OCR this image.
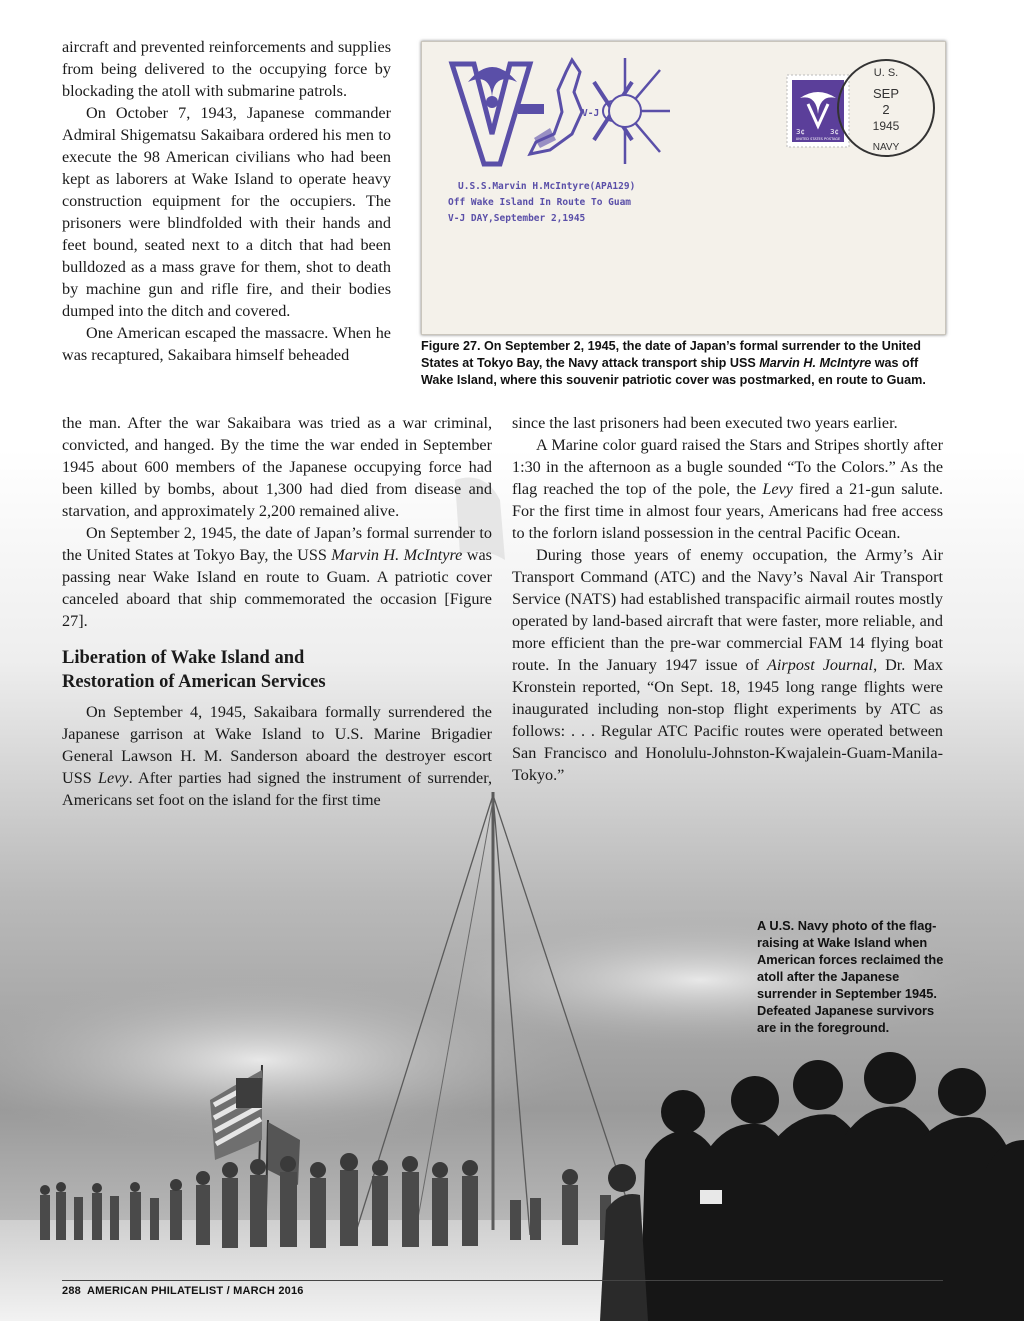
aircraft and prevented reinforcements and supplies from being delivered to the occupying force by blockading the atoll with submarine patrols.

On October 7, 1943, Japanese commander Admiral Shigematsu Sakaibara ordered his men to execute the 98 American civilians who had been kept as laborers at Wake Island to operate heavy construction equipment for the occupiers. The prisoners were blindfolded with their hands and feet bound, seated next to a ditch that had been bulldozed as a mass grave for them, shot to death by machine gun and rifle fire, and their bodies dumped into the ditch and covered.

One American escaped the massacre. When he was recaptured, Sakaibara himself beheaded

V-J
U.S.S.Marvin H.McIntyre(APA129)
Off Wake Island In Route To Guam
V-J DAY,September 2,1945
3¢	3¢
UNITED STATES POSTAGE
U. S.
SEP
2
1945
NAVY
Figure 27. On September 2, 1945, the date of Japan’s formal surrender to the United States at Tokyo Bay, the Navy attack transport ship USS Marvin H. McIntyre was off Wake Island, where this souvenir patriotic cover was postmarked, en route to Guam.

the man. After the war Sakaibara was tried as a war criminal, convicted, and hanged. By the time the war ended in September 1945 about 600 members of the Japanese occupying force had been killed by bombs, about 1,300 had died from disease and starvation, and approximately 2,200 remained alive.

On September 2, 1945, the date of Japan’s formal surrender to the United States at Tokyo Bay, the USS Marvin H. McIntyre was passing near Wake Island en route to Guam. A patriotic cover canceled aboard that ship commemorated the occasion [Figure 27].

Liberation of Wake Island and
Restoration of American Services

On September 4, 1945, Sakaibara formally surrendered the Japanese garrison at Wake Island to U.S. Marine Brigadier General Lawson H. M. Sanderson aboard the destroyer escort USS Levy. After parties had signed the instrument of surrender, Americans set foot on the island for the first time

since the last prisoners had been executed two years earlier.

A Marine color guard raised the Stars and Stripes shortly after 1:30 in the afternoon as a bugle sounded “To the Colors.” As the flag reached the top of the pole, the Levy fired a 21-gun salute. For the first time in almost four years, Americans had free access to the forlorn island possession in the central Pacific Ocean.

During those years of enemy occupation, the Army’s Air Transport Command (ATC) and the Navy’s Naval Air Transport Service (NATS) had established transpacific airmail routes mostly operated by land-based aircraft that were faster, more reliable, and more efficient than the pre-war commercial FAM 14 flying boat route. In the January 1947 issue of Airpost Journal, Dr. Max Kronstein reported, “On Sept. 18, 1945 long range flights were inaugurated including non-stop flight experiments by ATC as follows: . . . Regular ATC Pacific routes were operated between San Francisco and Honolulu-Johnston-Kwajalein-Guam-Manila-Tokyo.”

A U.S. Navy photo of the flag-raising at Wake Island when American forces reclaimed the atoll after the Japanese surrender in September 1945. Defeated Japanese survivors are in the foreground.
288 AMERICAN PHILATELIST / MARCH 2016
